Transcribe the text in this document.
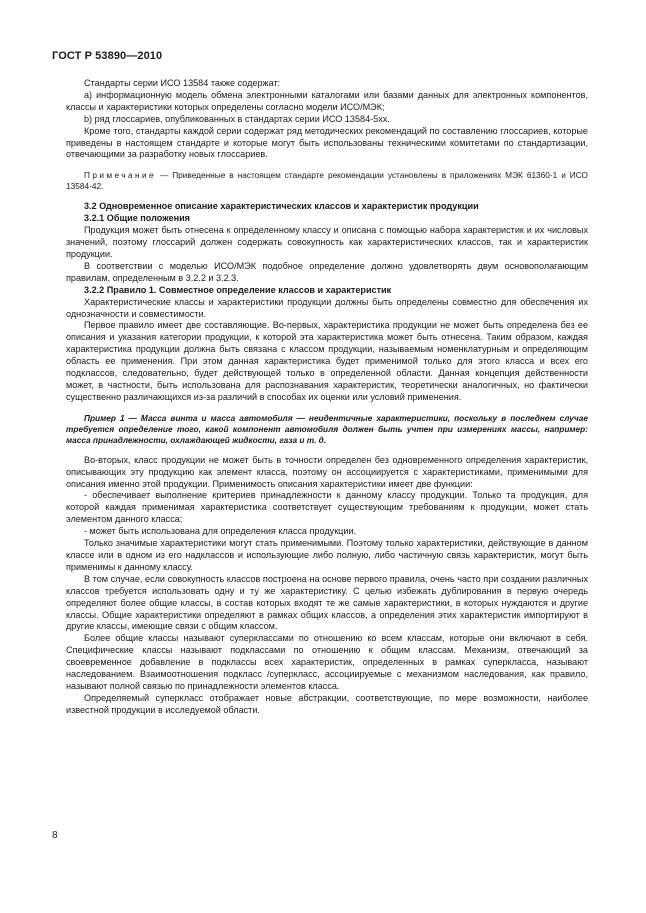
ГОСТ Р 53890—2010

Стандарты серии ИСО 13584 также содержат:

а) информационную модель обмена электронными каталогами или базами данных для электронных компонентов, классы и характеристики которых определены согласно модели ИСО/МЭК;

b) ряд глоссариев, опубликованных в стандартах серии ИСО 13584-5хх.

Кроме того, стандарты каждой серии содержат ряд методических рекомендаций по составлению глоссариев, которые приведены в настоящем стандарте и которые могут быть использованы техническими комитетами по стандартизации, отвечающими за разработку новых глоссариев.

Примечание — Приведенные в настоящем стандарте рекомендации установлены в приложениях МЭК 61360-1 и ИСО 13584-42.

3.2 Одновременное описание характеристических классов и характеристик продукции

3.2.1 Общие положения

Продукция может быть отнесена к определенному классу и описана с помощью набора характеристик и их числовых значений, поэтому глоссарий должен содержать совокупность как характеристических классов, так и характеристик продукции.

В соответствии с моделью ИСО/МЭК подобное определение должно удовлетворять двум основополагающим правилам, определенным в 3.2.2 и 3.2.3.

3.2.2 Правило 1. Совместное определение классов и характеристик

Характеристические классы и характеристики продукции должны быть определены совместно для обеспечения их однозначности и совместимости.

Первое правило имеет две составляющие. Во-первых, характеристика продукции не может быть определена без ее описания и указания категории продукции, к которой эта характеристика может быть отнесена. Таким образом, каждая характеристика продукции должна быть связана с классом продукции, называемым номенклатурным и определяющим область ее применения. При этом данная характеристика будет применимой только для этого класса и всех его подклассов, следовательно, будет действующей только в определенной области. Данная концепция действенности может, в частности, быть использована для распознавания характеристик, теоретически аналогичных, но фактически существенно различающихся из-за различий в способах их оценки или условий применения.

Пример 1 — Масса винта и масса автомобиля — неидентичные характеристики, поскольку в последнем случае требуется определение того, какой компонент автомобиля должен быть учтен при измерениях массы, например: масса принадлежности, охлаждающей жидкости, газа и т. д.

Во-вторых, класс продукции не может быть в точности определен без одновременного определения характеристик, описывающих эту продукцию как элемент класса, поэтому он ассоциируется с характеристиками, применимыми для описания именно этой продукции. Применимость описания характеристики имеет две функции:

- обеспечивает выполнение критериев принадлежности к данному классу продукции. Только та продукция, для которой каждая применимая характеристика соответствует существующим требованиям к продукции, может стать элементом данного класса;

- может быть использована для определения класса продукции.

Только значимые характеристики могут стать применимыми. Поэтому только характеристики, действующие в данном классе или в одном из его надклассов и использующие либо полную, либо частичную связь характеристик, могут быть применимы к данному классу.

В том случае, если совокупность классов построена на основе первого правила, очень часто при создании различных классов требуется использовать одну и ту же характеристику. С целью избежать дублирования в первую очередь определяют более общие классы, в состав которых входят те же самые характеристики, в которых нуждаются и другие классы. Общие характеристики определяют в рамках общих классов, а определения этих характеристик импортируют в другие классы, имеющие связи с общим классом.

Более общие классы называют суперклассами по отношению ко всем классам, которые они включают в себя. Специфические классы называют подклассами по отношению к общим классам. Механизм, отвечающий за своевременное добавление в подклассы всех характеристик, определенных в рамках суперкласса, называют наследованием. Взаимоотношения подкласс /суперкласс, ассоциируемые с механизмом наследования, как правило, называют полной связью по принадлежности элементов класса.

Определяемый суперкласс отображает новые абстракции, соответствующие, по мере возможности, наиболее известной продукции в исследуемой области.

8
